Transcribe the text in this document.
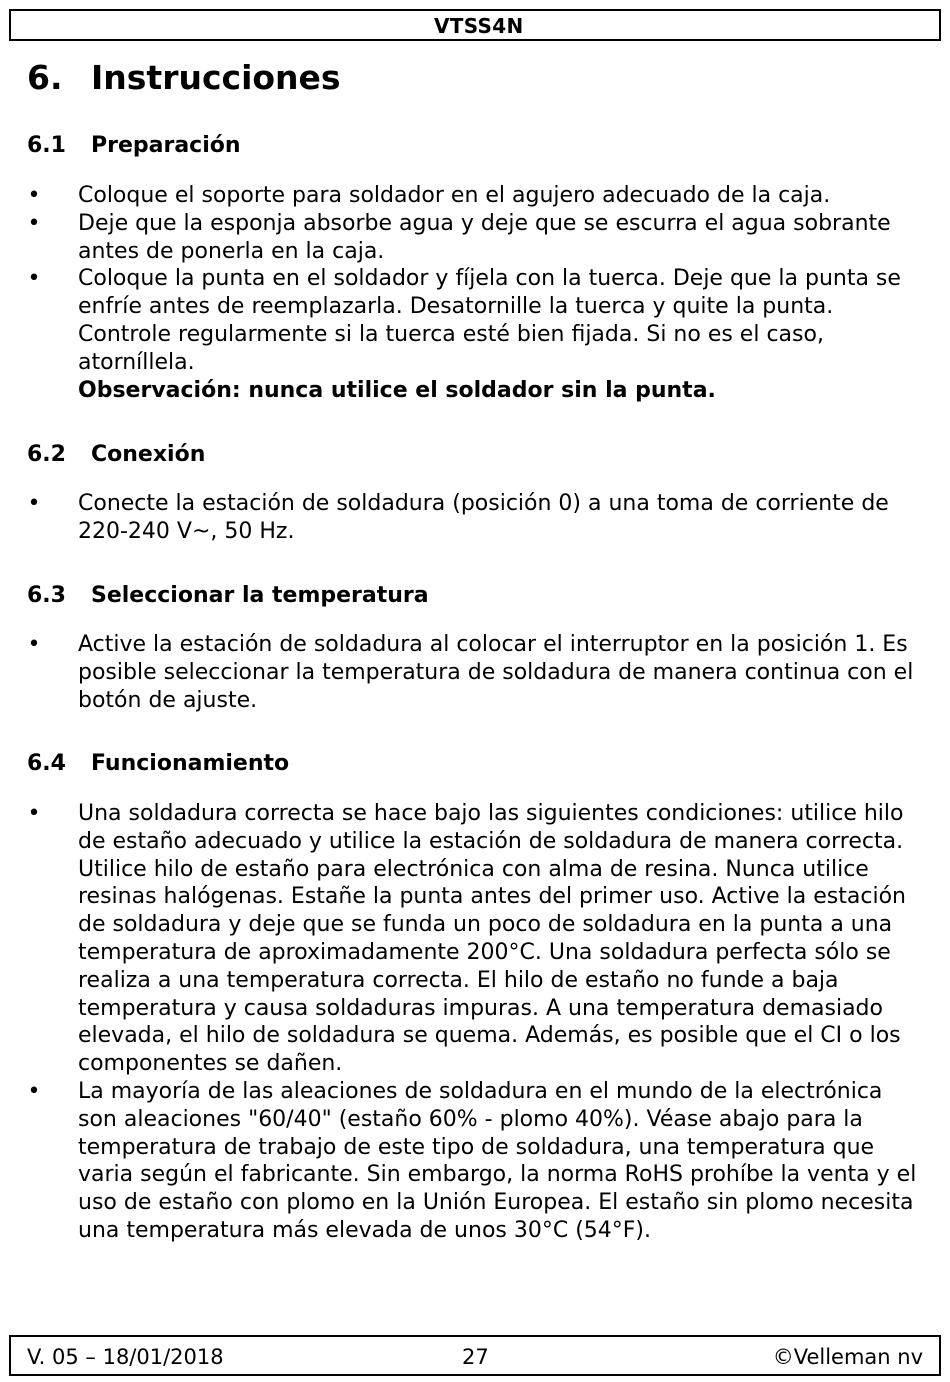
VTSS4N
6. Instrucciones
6.1 Preparación
• Coloque el soporte para soldador en el agujero adecuado de la caja.
• Deje que la esponja absorbe agua y deje que se escurra el agua sobrante antes de ponerla en la caja.
• Coloque la punta en el soldador y fíjela con la tuerca. Deje que la punta se enfríe antes de reemplazarla. Desatornille la tuerca y quite la punta. Controle regularmente si la tuerca esté bien fijada. Si no es el caso, atorníllela.
Observación: nunca utilice el soldador sin la punta.
6.2 Conexión
• Conecte la estación de soldadura (posición 0) a una toma de corriente de 220-240 V~, 50 Hz.
6.3 Seleccionar la temperatura
• Active la estación de soldadura al colocar el interruptor en la posición 1. Es posible seleccionar la temperatura de soldadura de manera continua con el botón de ajuste.
6.4 Funcionamiento
• Una soldadura correcta se hace bajo las siguientes condiciones: utilice hilo de estaño adecuado y utilice la estación de soldadura de manera correcta. Utilice hilo de estaño para electrónica con alma de resina. Nunca utilice resinas halógenas. Estañe la punta antes del primer uso. Active la estación de soldadura y deje que se funda un poco de soldadura en la punta a una temperatura de aproximadamente 200°C. Una soldadura perfecta sólo se realiza a una temperatura correcta. El hilo de estaño no funde a baja temperatura y causa soldaduras impuras. A una temperatura demasiado elevada, el hilo de soldadura se quema. Además, es posible que el CI o los componentes se dañen.
• La mayoría de las aleaciones de soldadura en el mundo de la electrónica son aleaciones "60/40" (estaño 60% - plomo 40%). Véase abajo para la temperatura de trabajo de este tipo de soldadura, una temperatura que varia según el fabricante. Sin embargo, la norma RoHS prohíbe la venta y el uso de estaño con plomo en la Unión Europea. El estaño sin plomo necesita una temperatura más elevada de unos 30°C (54°F).
V. 05 – 18/01/2018	27	©Velleman nv
